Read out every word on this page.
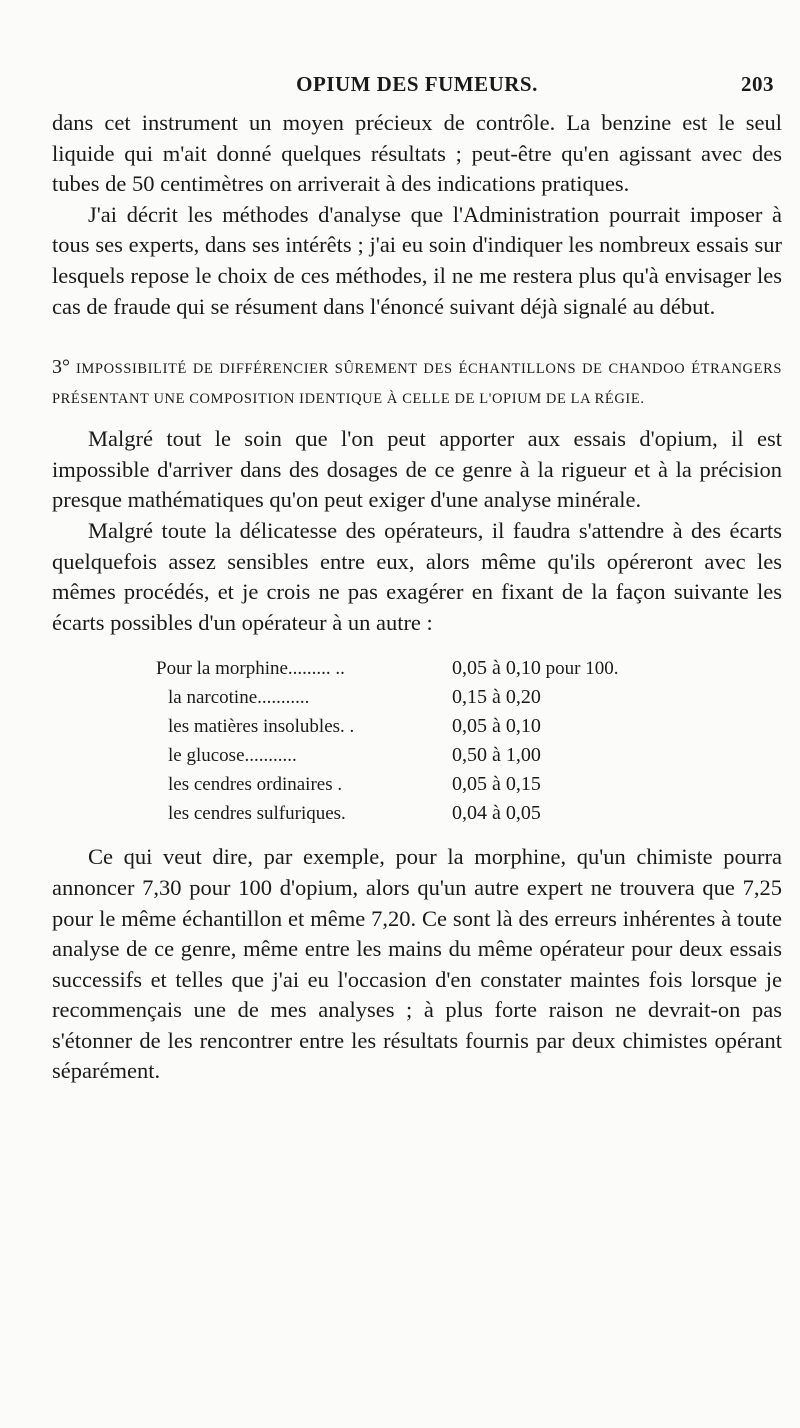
OPIUM DES FUMEURS.	203

dans cet instrument un moyen précieux de contrôle. La benzine est le seul liquide qui m'ait donné quelques résultats ; peut-être qu'en agissant avec des tubes de 50 centimètres on arriverait à des indications pratiques.

J'ai décrit les méthodes d'analyse que l'Administration pourrait imposer à tous ses experts, dans ses intérêts ; j'ai eu soin d'indiquer les nombreux essais sur lesquels repose le choix de ces méthodes, il ne me restera plus qu'à envisager les cas de fraude qui se résument dans l'énoncé suivant déjà signalé au début.

3° IMPOSSIBILITÉ DE DIFFÉRENCIER SÛREMENT DES ÉCHANTILLONS DE CHANDOO ÉTRANGERS PRÉSENTANT UNE COMPOSITION IDENTIQUE À CELLE DE L'OPIUM DE LA RÉGIE.

Malgré tout le soin que l'on peut apporter aux essais d'opium, il est impossible d'arriver dans des dosages de ce genre à la rigueur et à la précision presque mathématiques qu'on peut exiger d'une analyse minérale.

Malgré toute la délicatesse des opérateurs, il faudra s'attendre à des écarts quelquefois assez sensibles entre eux, alors même qu'ils opéreront avec les mêmes procédés, et je crois ne pas exagérer en fixant de la façon suivante les écarts possibles d'un opérateur à un autre :

Pour la morphine......... ..	0,05 à 0,10	pour 100.
la narcotine...........	0,15 à 0,20	
les matières insolubles. .	0,05 à 0,10	
le glucose...........	0,50 à 1,00	
les cendres ordinaires .	0,05 à 0,15	
les cendres sulfuriques.	0,04 à 0,05	

Ce qui veut dire, par exemple, pour la morphine, qu'un chimiste pourra annoncer 7,30 pour 100 d'opium, alors qu'un autre expert ne trouvera que 7,25 pour le même échantillon et même 7,20. Ce sont là des erreurs inhérentes à toute analyse de ce genre, même entre les mains du même opérateur pour deux essais successifs et telles que j'ai eu l'occasion d'en constater maintes fois lorsque je recommençais une de mes analyses ; à plus forte raison ne devrait-on pas s'étonner de les rencontrer entre les résultats fournis par deux chimistes opérant séparément.
